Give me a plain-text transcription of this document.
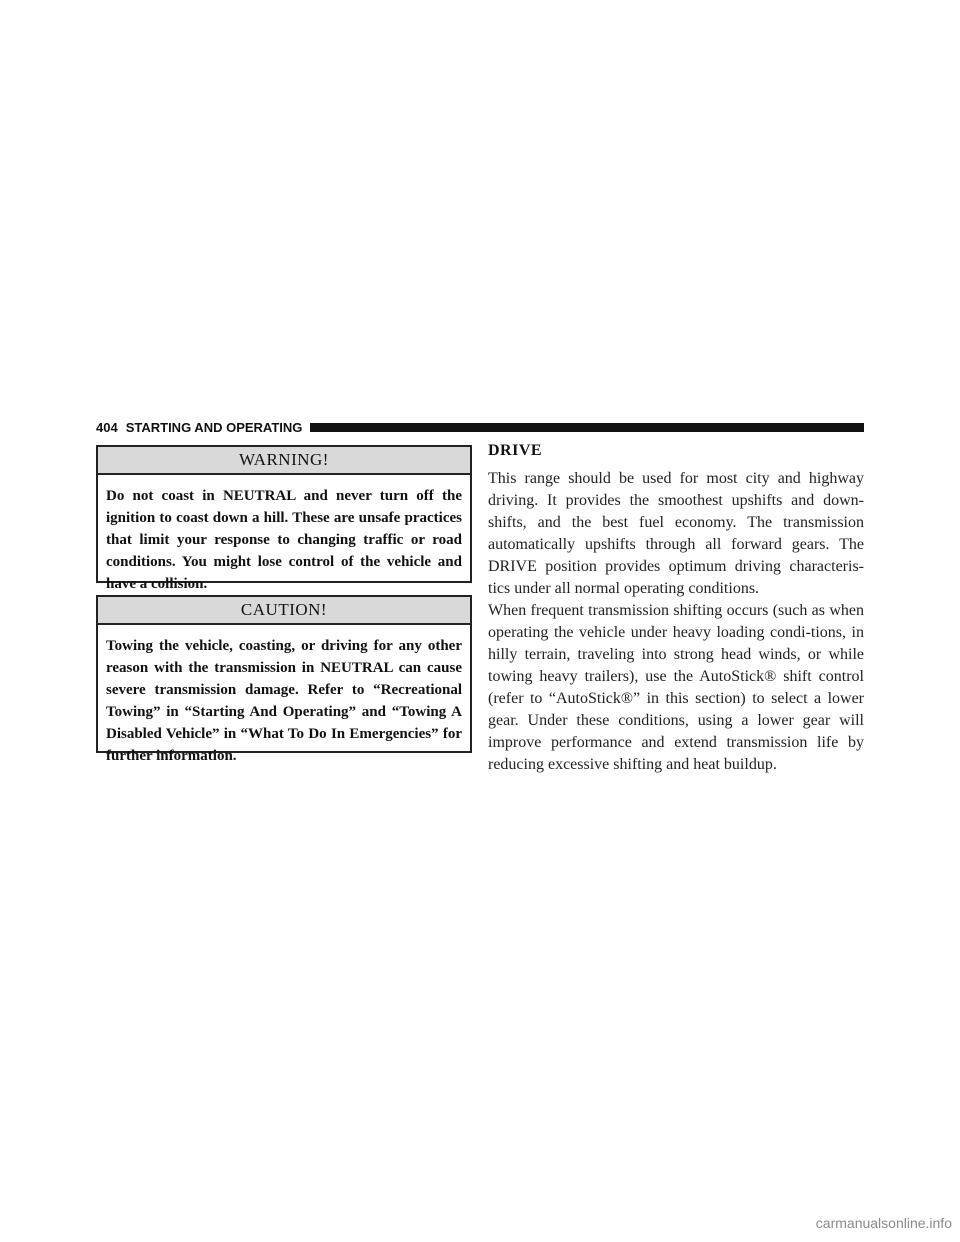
404 STARTING AND OPERATING
WARNING!
Do not coast in NEUTRAL and never turn off the ignition to coast down a hill. These are unsafe practices that limit your response to changing traffic or road conditions. You might lose control of the vehicle and have a collision.
CAUTION!
Towing the vehicle, coasting, or driving for any other reason with the transmission in NEUTRAL can cause severe transmission damage. Refer to “Recreational Towing” in “Starting And Operating” and “Towing A Disabled Vehicle” in “What To Do In Emergencies” for further information.
DRIVE

This range should be used for most city and highway driving. It provides the smoothest upshifts and down-shifts, and the best fuel economy. The transmission automatically upshifts through all forward gears. The DRIVE position provides optimum driving characteris-tics under all normal operating conditions.

When frequent transmission shifting occurs (such as when operating the vehicle under heavy loading condi-tions, in hilly terrain, traveling into strong head winds, or while towing heavy trailers), use the AutoStick® shift control (refer to “AutoStick®” in this section) to select a lower gear. Under these conditions, using a lower gear will improve performance and extend transmission life by reducing excessive shifting and heat buildup.

carmanualsonline.info
